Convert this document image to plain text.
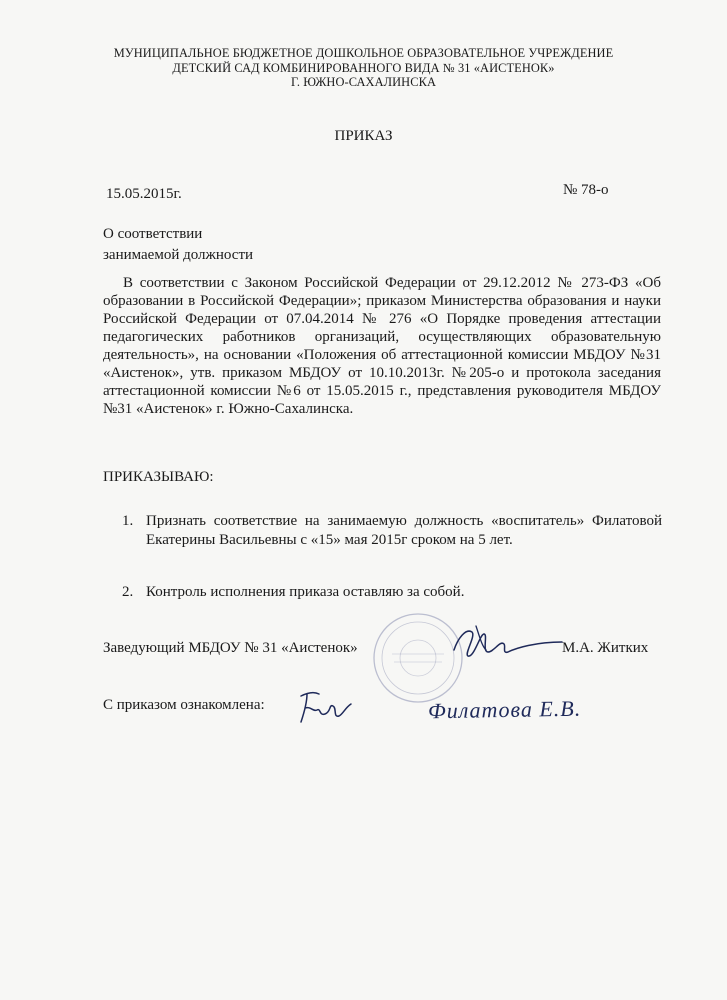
МУНИЦИПАЛЬНОЕ БЮДЖЕТНОЕ ДОШКОЛЬНОЕ ОБРАЗОВАТЕЛЬНОЕ УЧРЕЖДЕНИЕ
ДЕТСКИЙ САД КОМБИНИРОВАННОГО ВИДА № 31 «АИСТЕНОК»
Г. ЮЖНО-САХАЛИНСКА
ПРИКАЗ
15.05.2015г.	№ 78-о
О соответствии
занимаемой должности

В соответствии с Законом Российской Федерации от 29.12.2012 № 273-ФЗ «Об образовании в Российской Федерации»; приказом Министерства образования и науки Российской Федерации от 07.04.2014 № 276 «О Порядке проведения аттестации педагогических работников организаций, осуществляющих образовательную деятельность», на основании «Положения об аттестационной комиссии МБДОУ №31 «Аистенок», утв. приказом МБДОУ от 10.10.2013г. №205-о и протокола заседания аттестационной комиссии №6 от 15.05.2015 г., представления руководителя МБДОУ №31 «Аистенок» г. Южно-Сахалинска.

ПРИКАЗЫВАЮ:
1. Признать соответствие на занимаемую должность «воспитатель» Филатовой Екатерины Васильевны с «15» мая 2015г сроком на 5 лет.
2. Контроль исполнения приказа оставляю за собой.
Заведующий МБДОУ № 31 «Аистенок»	М.А. Житких
С приказом ознакомлена:	Филатова Е.В.
